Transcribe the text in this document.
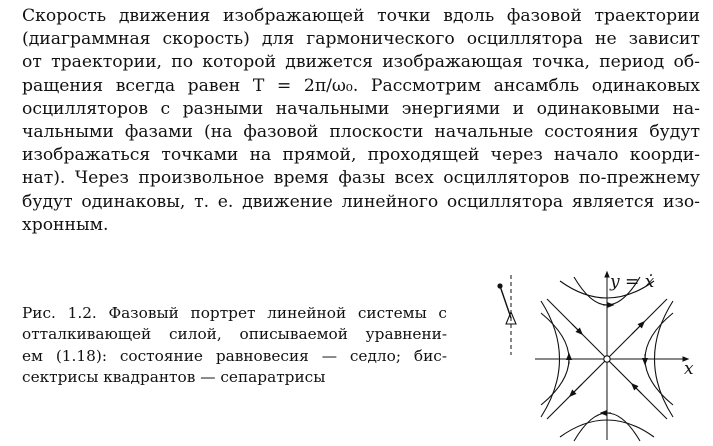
Скорость движения изображающей точки вдоль фазовой траектории
(диаграммная скорость) для гармонического осциллятора не зависит
от траектории, по которой движется изображающая точка, период об-
ращения всегда равен T = 2π/ω₀. Рассмотрим ансамбль одинаковых
осцилляторов с разными начальными энергиями и одинаковыми на-
чальными фазами (на фазовой плоскости начальные состояния будут
изображаться точками на прямой, проходящей через начало коорди-
нат). Через произвольное время фазы всех осцилляторов по-прежнему
будут одинаковы, т. е. движение линейного осциллятора является изо-
хронным.
Рис. 1.2. Фазовый портрет линейной системы с
отталкивающей силой, описываемой уравнени-
ем (1.18): состояние равновесия — седло; бис-
сектрисы квадрантов — сепаратрисы
y = ẋ
x
